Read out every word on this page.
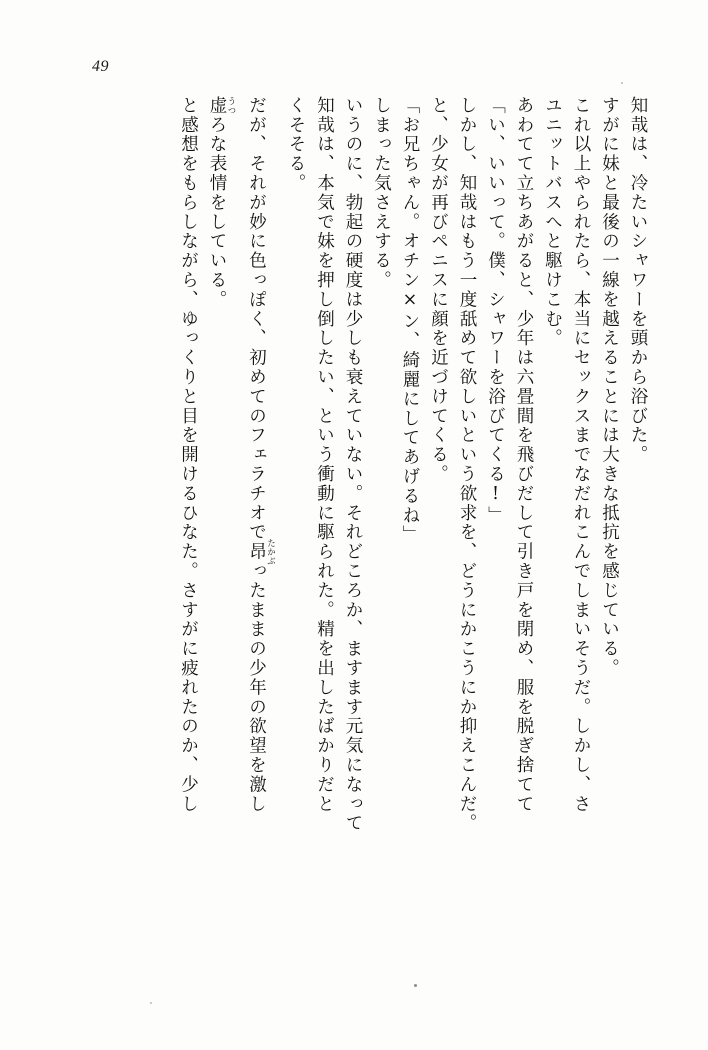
49
と感想をもらしながら、ゆっくりと目を開けるひなた。さすがに疲れたのか、少し 虚 うつろな表情をしている。	だが、それが妙に色っぽく、初めてのフェラチオで昂 たかぶったままの少年の欲望を激し
くそそる。 知哉は、本気で妹を押し倒したい、という衝動に駆られた。精を出したばかりだと いうのに、勃起の硬度は少しも衰えていない。それどころか、ますます元気になって しまった気さえする。 「お兄ちゃん。オチン×ン、綺麗にしてあげるね」 と、少女が再びペニスに顔を近づけてくる。 しかし、知哉はもう一度舐めて欲しいという欲求を、どうにかこうにか抑えこんだ。 「い、いいって。僕、シャワーを浴びてくる!」 あわてて立ちあがると、少年は六畳間を飛びだして引き戸を閉め、服を脱ぎ捨てて ユニットバスへと駆けこむ。 これ以上やられたら、本当にセックスまでなだれこんでしまいそうだ。しかし、さ すがに妹と最後の一線を越えることには大きな抵抗を感じている。 知哉は、冷たいシャワーを頭から浴びた。
